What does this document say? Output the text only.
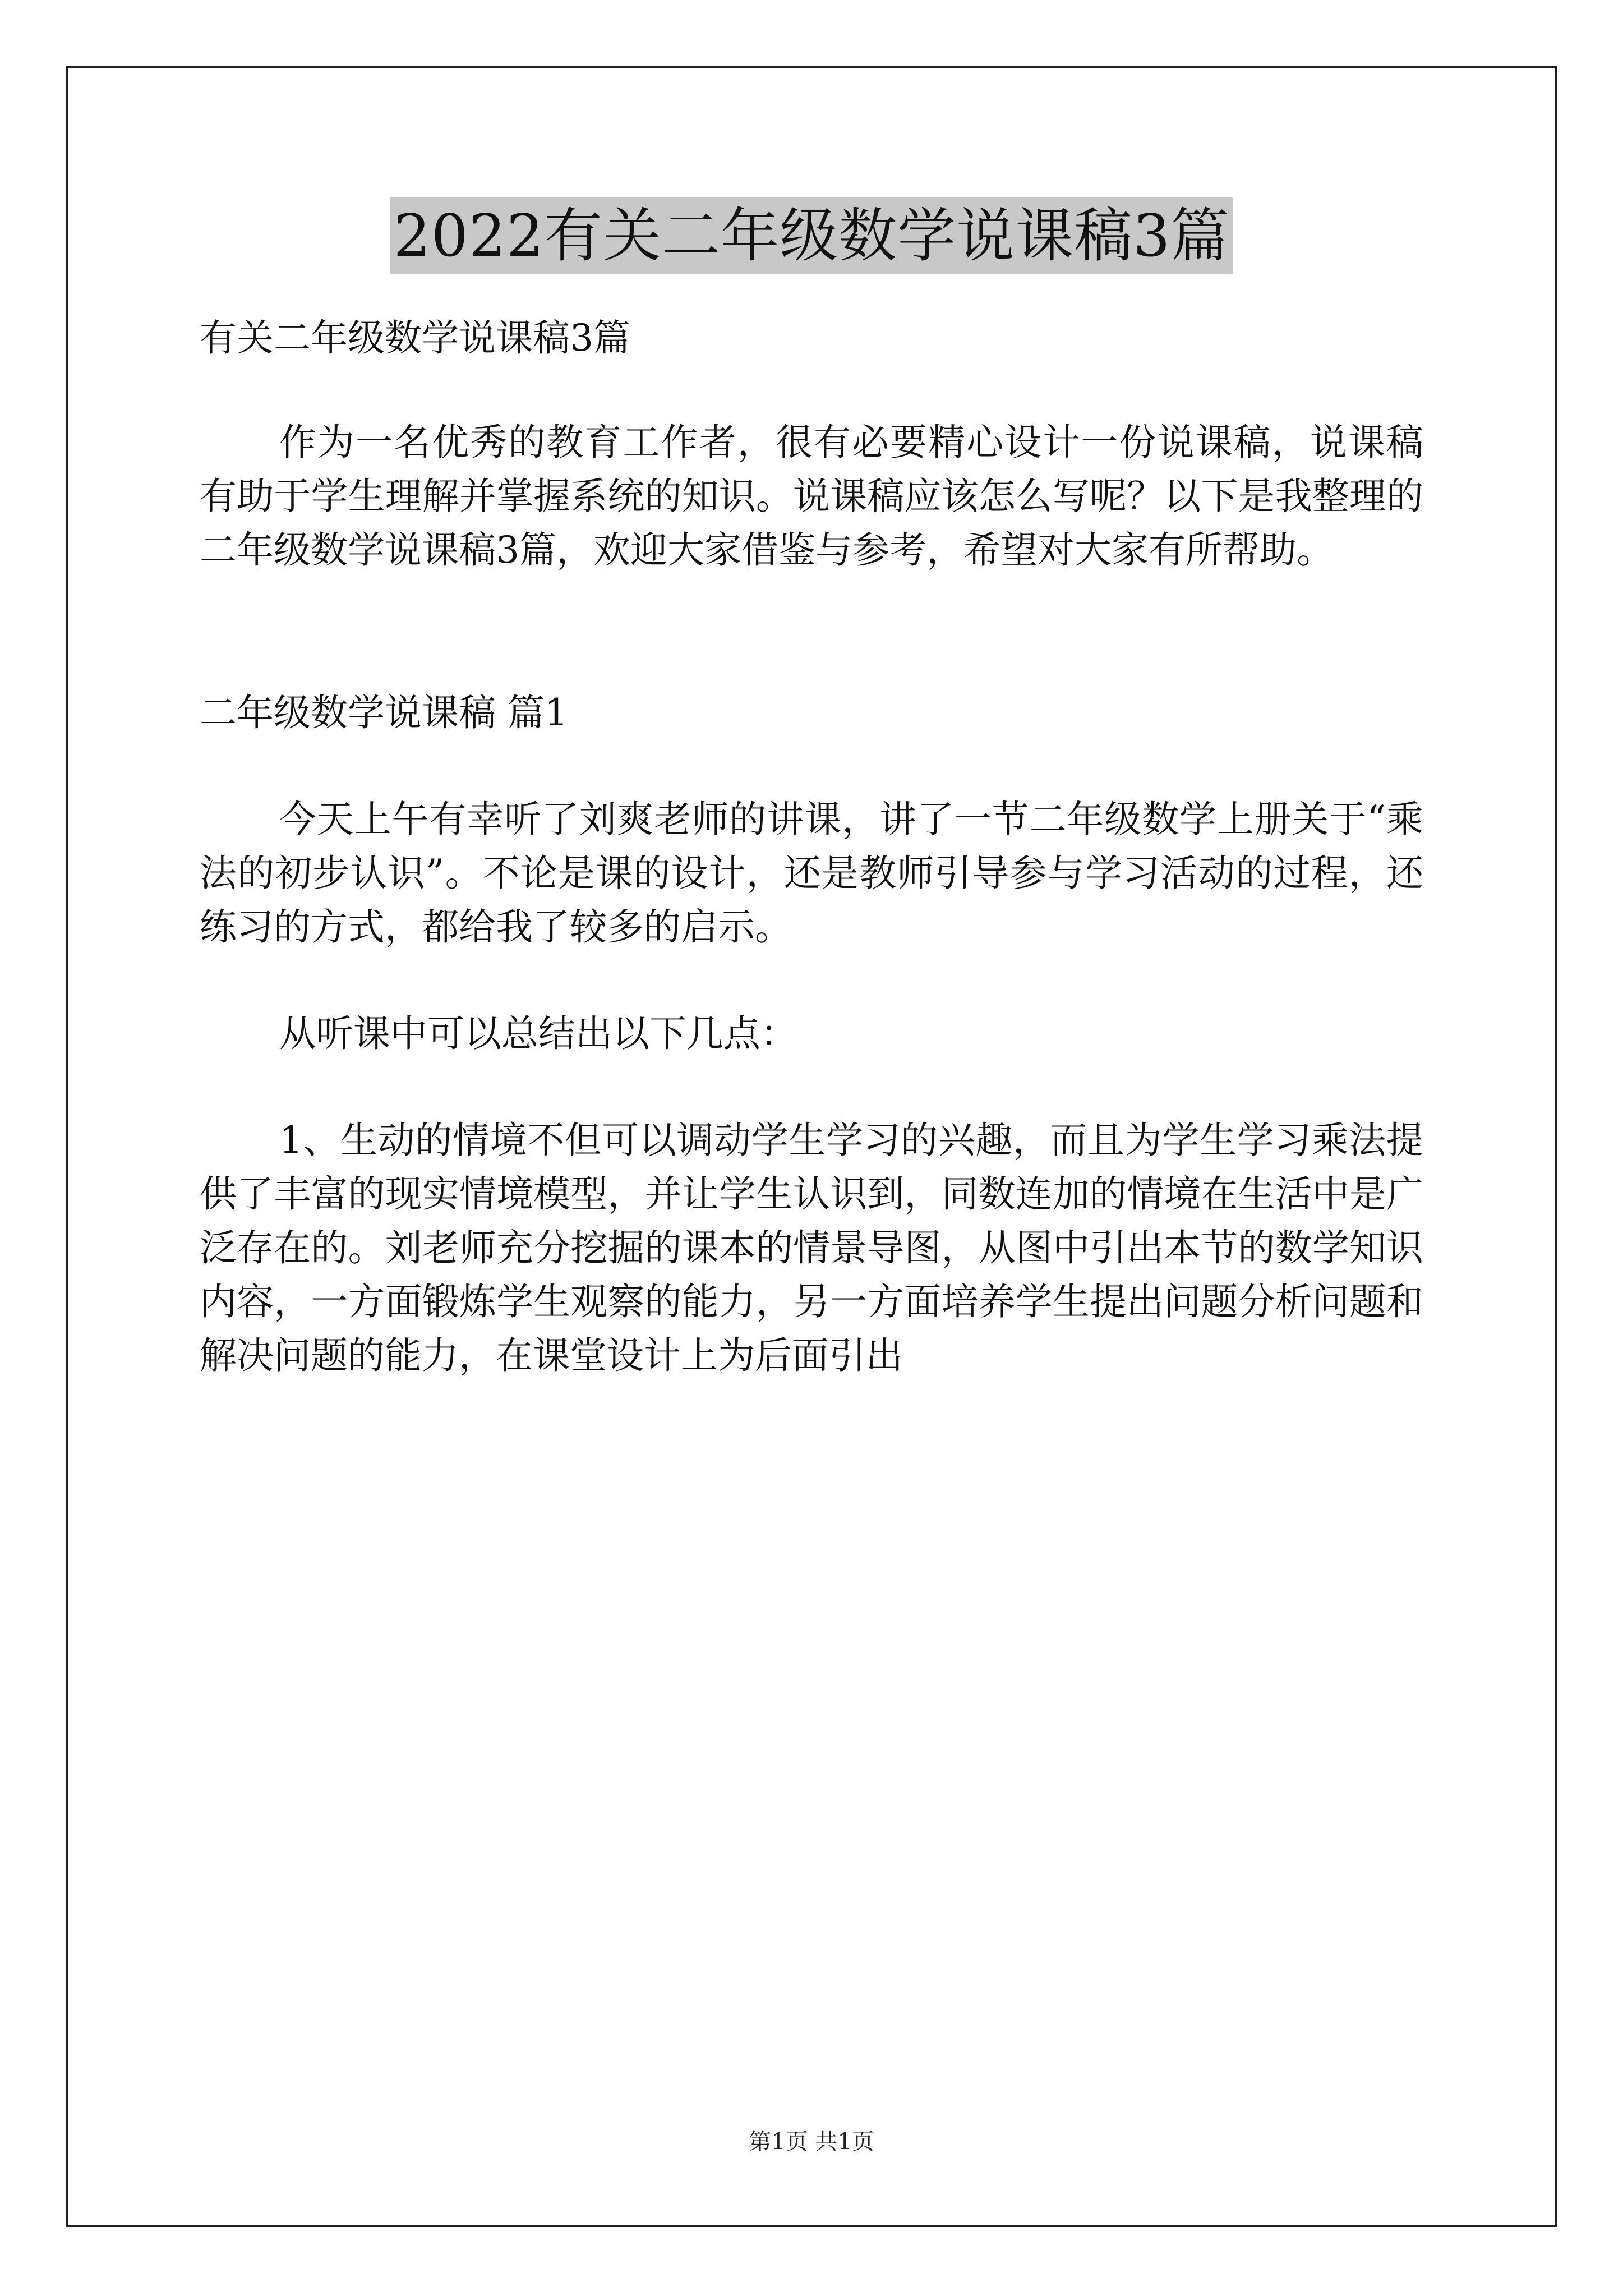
2022有关二年级数学说课稿3篇

有关二年级数学说课稿3篇

作为一名优秀的教育工作者，很有必要精心设计一份说课稿，说课稿有助于学生理解并掌握系统的知识。说课稿应该怎么写呢？以下是我整理的二年级数学说课稿3篇，欢迎大家借鉴与参考，希望对大家有所帮助。

二年级数学说课稿 篇1

今天上午有幸听了刘爽老师的讲课，讲了一节二年级数学上册关于“乘法的初步认识”。不论是课的设计，还是教师引导参与学习活动的过程，还练习的方式，都给我了较多的启示。

从听课中可以总结出以下几点：

1、生动的情境不但可以调动学生学习的兴趣，而且为学生学习乘法提供了丰富的现实情境模型，并让学生认识到，同数连加的情境在生活中是广泛存在的。刘老师充分挖掘的课本的情景导图，从图中引出本节的数学知识内容，一方面锻炼学生观察的能力，另一方面培养学生提出问题分析问题和解决问题的能力，在课堂设计上为后面引出

第1页 共1页
